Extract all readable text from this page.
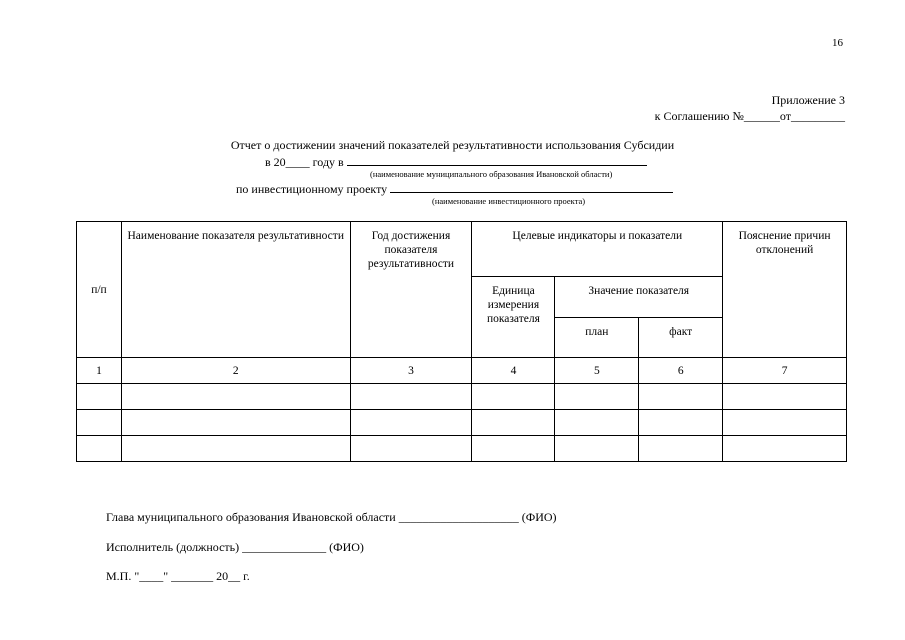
16
Приложение 3
к Соглашению №______от_________
Отчет о достижении значений показателей результативности использования Субсидии
в 20____ году в
(наименование муниципального образования Ивановской области)
по инвестиционному проекту
(наименование инвестиционного проекта)
п/п	Наименование показателя результативности	Год достижения показателя результативности	Целевые индикаторы и показатели			Пояснение причин отклонений
			Единица измерения показателя	Значение показателя		
				план	факт	
1	2	3	4	5	6	7

Глава муниципального образования Ивановской области ____________________ (ФИО)
Исполнитель (должность) ______________ (ФИО)
М.П. "____" _______ 20__ г.
